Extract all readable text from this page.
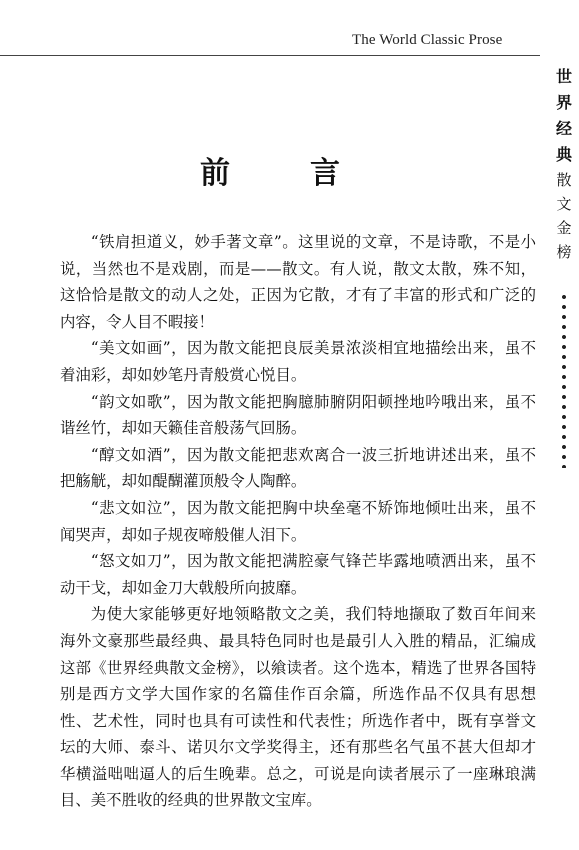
The World Classic Prose
世
界
经
典
散
文
金
榜
前言

“铁肩担道义，妙手著文章”。这里说的文章，不是诗歌，不是小说，当然也不是戏剧，而是——散文。有人说，散文太散，殊不知，这恰恰是散文的动人之处，正因为它散，才有了丰富的形式和广泛的内容，令人目不暇接！

“美文如画”，因为散文能把良辰美景浓淡相宜地描绘出来，虽不着油彩，却如妙笔丹青般赏心悦目。

“韵文如歌”，因为散文能把胸臆肺腑阴阳顿挫地吟哦出来，虽不谐丝竹，却如天籁佳音般荡气回肠。

“醇文如酒”，因为散文能把悲欢离合一波三折地讲述出来，虽不把觞觥，却如醍醐灌顶般令人陶醉。

“悲文如泣”，因为散文能把胸中块垒毫不矫饰地倾吐出来，虽不闻哭声，却如子规夜啼般催人泪下。

“怒文如刀”，因为散文能把满腔豪气锋芒毕露地喷洒出来，虽不动干戈，却如金刀大戟般所向披靡。

为使大家能够更好地领略散文之美，我们特地撷取了数百年间来海外文豪那些最经典、最具特色同时也是最引人入胜的精品，汇编成这部《世界经典散文金榜》，以飨读者。这个选本，精选了世界各国特别是西方文学大国作家的名篇佳作百余篇，所选作品不仅具有思想性、艺术性，同时也具有可读性和代表性；所选作者中，既有享誉文坛的大师、泰斗、诺贝尔文学奖得主，还有那些名气虽不甚大但却才华横溢咄咄逼人的后生晚辈。总之，可说是向读者展示了一座琳琅满目、美不胜收的经典的世界散文宝库。
